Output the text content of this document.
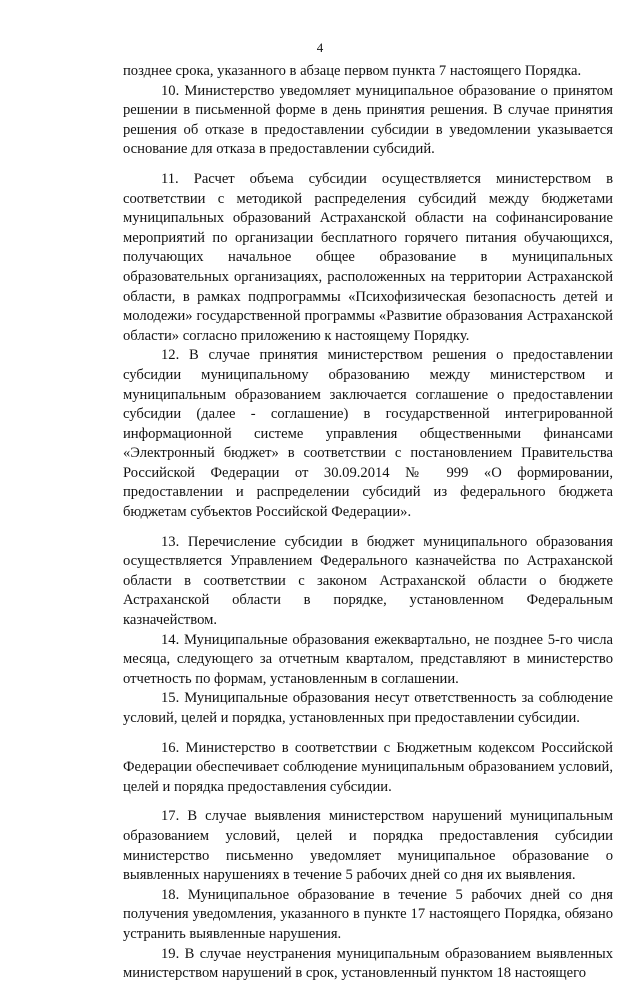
4

позднее срока, указанного в абзаце первом пункта 7 настоящего Порядка.

10. Министерство уведомляет муниципальное образование о принятом решении в письменной форме в день принятия решения. В случае принятия решения об отказе в предоставлении субсидии в уведомлении указывается основание для отказа в предоставлении субсидий.

11. Расчет объема субсидии осуществляется министерством в соответствии с методикой распределения субсидий между бюджетами муниципальных образований Астраханской области на софинансирование мероприятий по организации бесплатного горячего питания обучающихся, получающих начальное общее образование в муниципальных образовательных организациях, расположенных на территории Астраханской области, в рамках подпрограммы «Психофизическая безопасность детей и молодежи» государственной программы «Развитие образования Астраханской области» согласно приложению к настоящему Порядку.

12. В случае принятия министерством решения о предоставлении субсидии муниципальному образованию между министерством и муниципальным образованием заключается соглашение о предоставлении субсидии (далее - соглашение) в государственной интегрированной информационной системе управления общественными финансами «Электронный бюджет» в соответствии с постановлением Правительства Российской Федерации от 30.09.2014 № 999 «О формировании, предоставлении и распределении субсидий из федерального бюджета бюджетам субъектов Российской Федерации».

13. Перечисление субсидии в бюджет муниципального образования осуществляется Управлением Федерального казначейства по Астраханской области в соответствии с законом Астраханской области о бюджете Астраханской области в порядке, установленном Федеральным казначейством.

14. Муниципальные образования ежеквартально, не позднее 5-го числа месяца, следующего за отчетным кварталом, представляют в министерство отчетность по формам, установленным в соглашении.

15. Муниципальные образования несут ответственность за соблюдение условий, целей и порядка, установленных при предоставлении субсидии.

16. Министерство в соответствии с Бюджетным кодексом Российской Федерации обеспечивает соблюдение муниципальным образованием условий, целей и порядка предоставления субсидии.

17. В случае выявления министерством нарушений муниципальным образованием условий, целей и порядка предоставления субсидии министерство письменно уведомляет муниципальное образование о выявленных нарушениях в течение 5 рабочих дней со дня их выявления.

18. Муниципальное образование в течение 5 рабочих дней со дня получения уведомления, указанного в пункте 17 настоящего Порядка, обязано устранить выявленные нарушения.

19. В случае неустранения муниципальным образованием выявленных министерством нарушений в срок, установленный пунктом 18 настоящего
